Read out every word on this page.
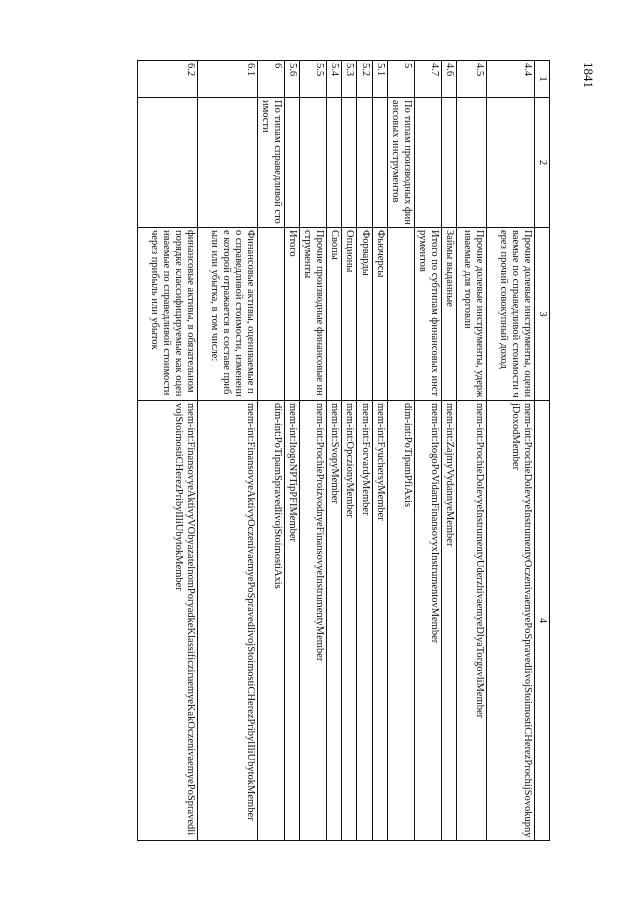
1841
1	2	3	4
4.4		Прочие долевые инструменты, оцениваемые по справедливой стоимости через прочий совокупный доход	mem-int:ProchieDolevyeInstrumentyOczenivaemyePoSpravedlivojStoimostiCHerezProchijSovokupnyjDoxodMember
4.5		Прочие долевые инструменты, удерживаемые для торговли	mem-int:ProchieDolevyeInstrumentyUderzhivaemyeDlyaTorgovliMember
4.6		Займы выданные	mem-int:ZajmyVydannyeMember
4.7		Итого по субтипам финансовых инструментов	mem-int:ItogoPoVidamFinansovyxInstrumentovMember
5	По типам производных финансовых инструментов		dim-int:PoTipamPfiAxis
5.1		Фьючерсы	mem-int:FyuchersyMember
5.2		Форварды	mem-int:ForvardyMember
5.3		Опционы	mem-int:OpczionyMember
5.4		Свопы	mem-int:SvopyMember
5.5		Прочие производные финансовые инструменты	mem-int:ProchieProizvodnyeFinansovyeInstrumentyMember
5.6		Итого	mem-int:ItogoNPTipPFIMember
6	По типам справедливой стоимости		dim-int:PoTipamSpravedlivojStoimostiAxis
6.1		Финансовые активы, оцениваемые по справедливой стоимости, изменение которой отражается в составе прибыли или убытка, в том числе:	mem-int:FinansovyeAktivyOczenivaemyePoSpravedlivojStoimostiCHerezPribylIliUbytokMember
6.2		финансовые активы, в обязательном порядке классифицируемые как оцениваемые по справедливой стоимости через прибыль или убыток	mem-int:FinansovyeAktivyVObyazatelnomPoryadkeKlassificziruemyeKakOczenivaemyePoSpravedlivojStoimostiCHerezPribylIliUbytokMember
